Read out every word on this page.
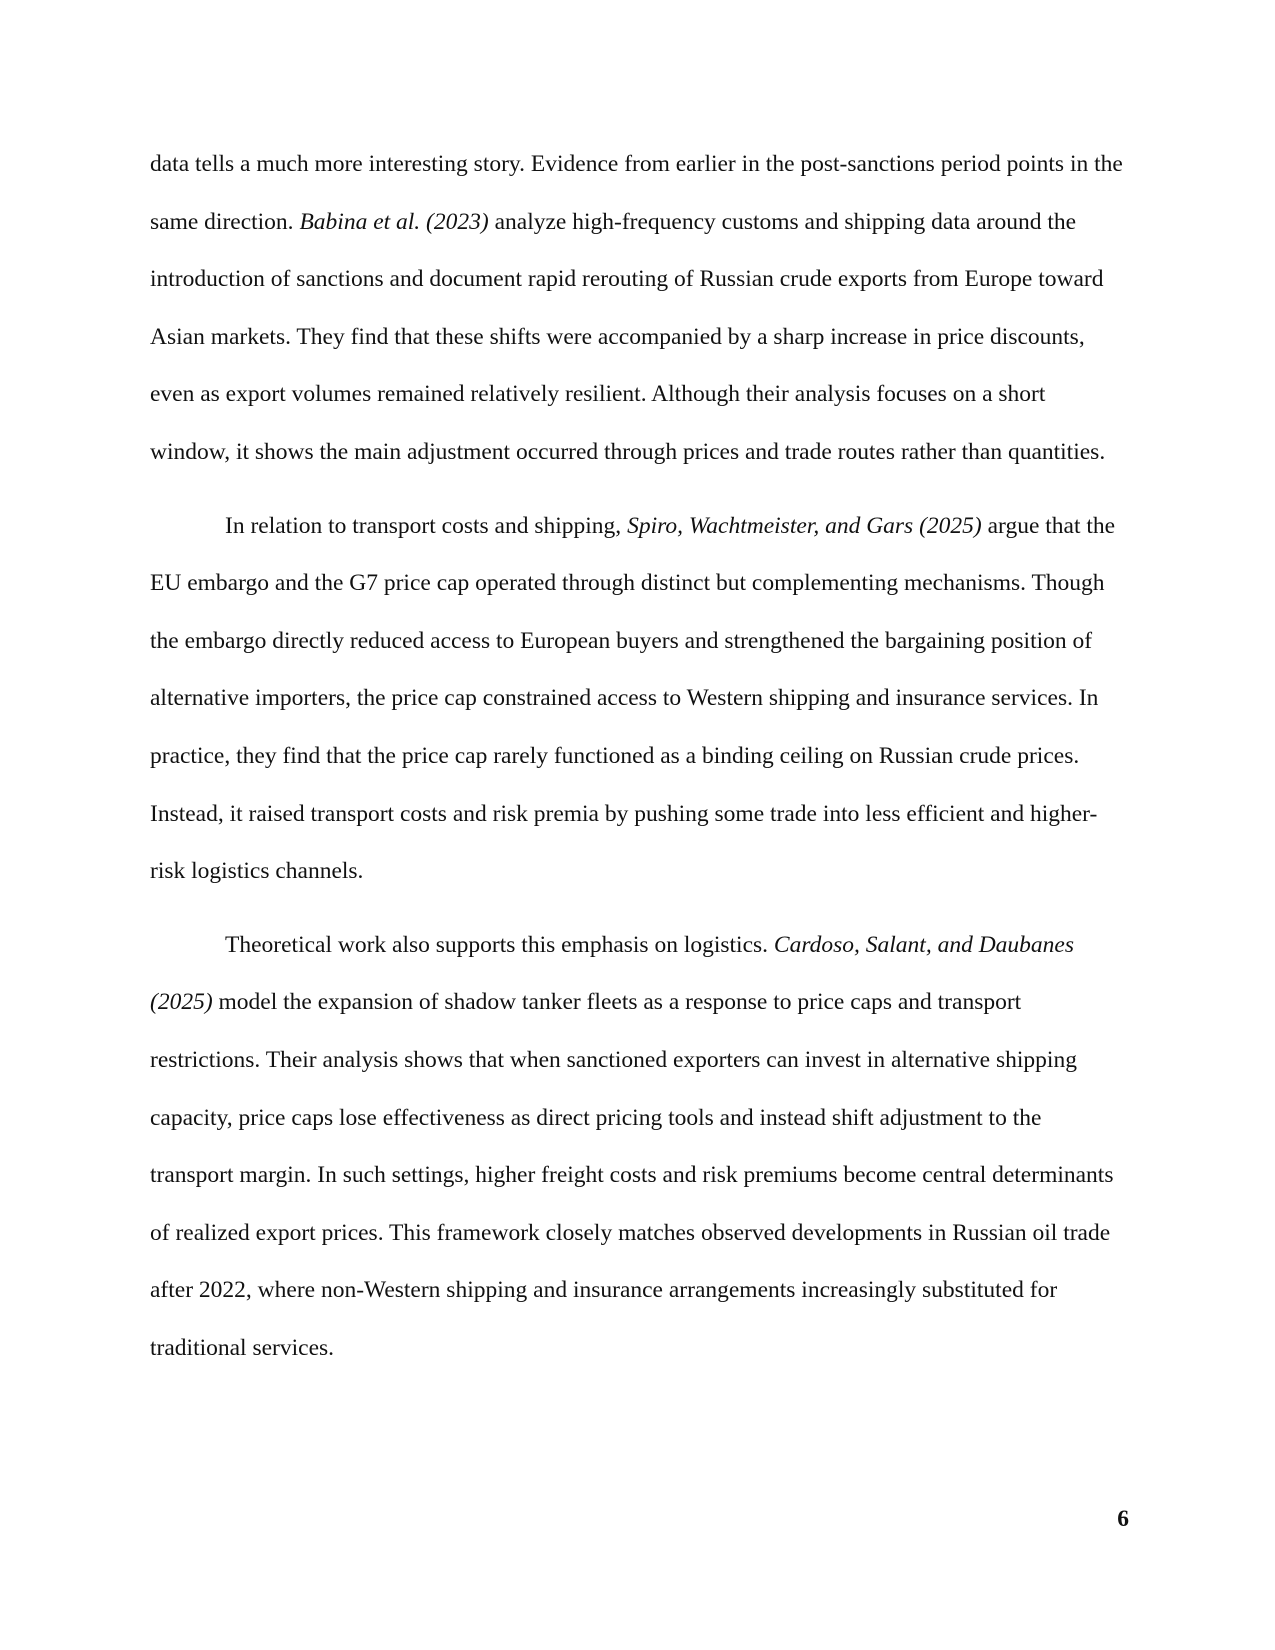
data tells a much more interesting story. Evidence from earlier in the post-sanctions period points in the same direction. Babina et al. (2023) analyze high-frequency customs and shipping data around the introduction of sanctions and document rapid rerouting of Russian crude exports from Europe toward Asian markets. They find that these shifts were accompanied by a sharp increase in price discounts, even as export volumes remained relatively resilient. Although their analysis focuses on a short window, it shows the main adjustment occurred through prices and trade routes rather than quantities.

In relation to transport costs and shipping, Spiro, Wachtmeister, and Gars (2025) argue that the EU embargo and the G7 price cap operated through distinct but complementing mechanisms. Though the embargo directly reduced access to European buyers and strengthened the bargaining position of alternative importers, the price cap constrained access to Western shipping and insurance services. In practice, they find that the price cap rarely functioned as a binding ceiling on Russian crude prices. Instead, it raised transport costs and risk premia by pushing some trade into less efficient and higher-risk logistics channels.

Theoretical work also supports this emphasis on logistics. Cardoso, Salant, and Daubanes (2025) model the expansion of shadow tanker fleets as a response to price caps and transport restrictions. Their analysis shows that when sanctioned exporters can invest in alternative shipping capacity, price caps lose effectiveness as direct pricing tools and instead shift adjustment to the transport margin. In such settings, higher freight costs and risk premiums become central determinants of realized export prices. This framework closely matches observed developments in Russian oil trade after 2022, where non-Western shipping and insurance arrangements increasingly substituted for traditional services.

6
